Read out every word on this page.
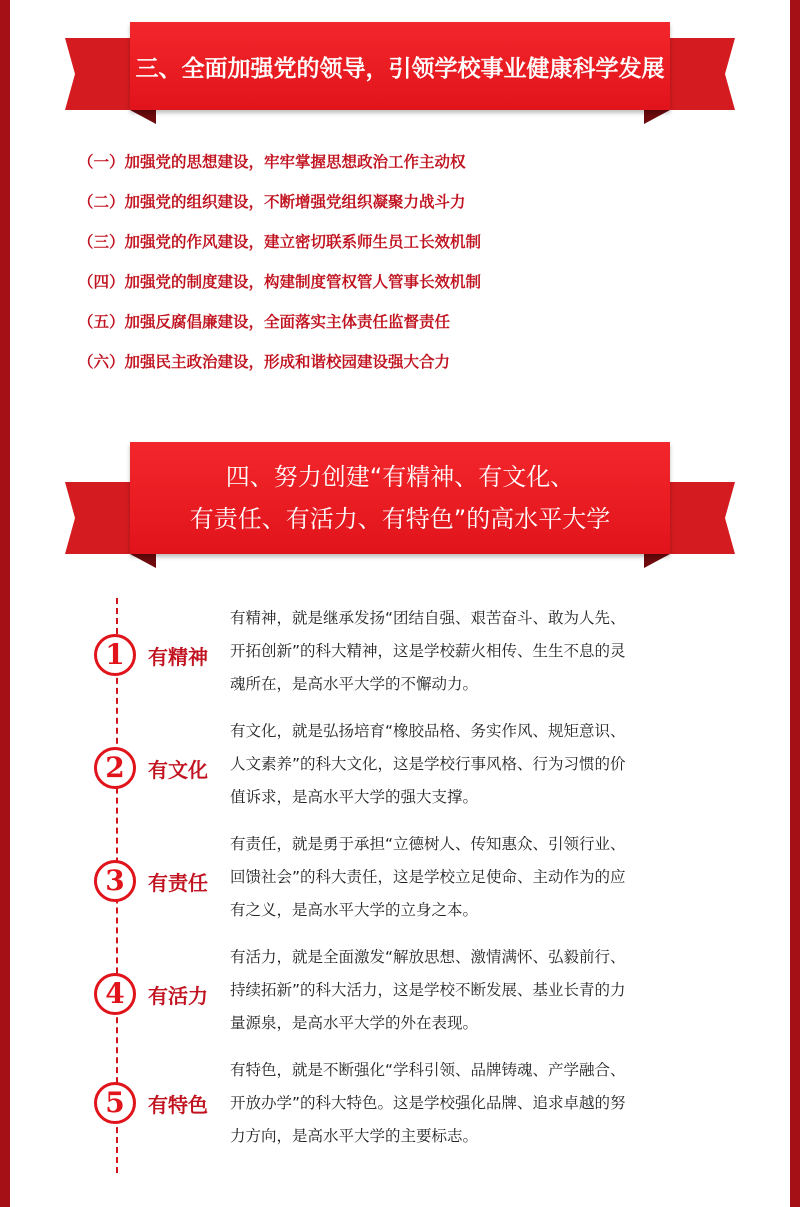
三、全面加强党的领导，引领学校事业健康科学发展
（一）加强党的思想建设，牢牢掌握思想政治工作主动权
（二）加强党的组织建设，不断增强党组织凝聚力战斗力
（三）加强党的作风建设，建立密切联系师生员工长效机制
（四）加强党的制度建设，构建制度管权管人管事长效机制
（五）加强反腐倡廉建设，全面落实主体责任监督责任
（六）加强民主政治建设，形成和谐校园建设强大合力
四、努力创建“有精神、有文化、
有责任、有活力、有特色”的高水平大学
1	有精神

有精神，就是继承发扬“团结自强、艰苦奋斗、敢为人先、
开拓创新”的科大精神，这是学校薪火相传、生生不息的灵
魂所在，是高水平大学的不懈动力。

2	有文化

有文化，就是弘扬培育“橡胶品格、务实作风、规矩意识、
人文素养”的科大文化，这是学校行事风格、行为习惯的价
值诉求，是高水平大学的强大支撑。

3	有责任

有责任，就是勇于承担“立德树人、传知惠众、引领行业、
回馈社会”的科大责任，这是学校立足使命、主动作为的应
有之义，是高水平大学的立身之本。

4	有活力

有活力，就是全面激发“解放思想、激情满怀、弘毅前行、
持续拓新”的科大活力，这是学校不断发展、基业长青的力
量源泉，是高水平大学的外在表现。

5	有特色

有特色，就是不断强化“学科引领、品牌铸魂、产学融合、
开放办学”的科大特色。这是学校强化品牌、追求卓越的努
力方向，是高水平大学的主要标志。
